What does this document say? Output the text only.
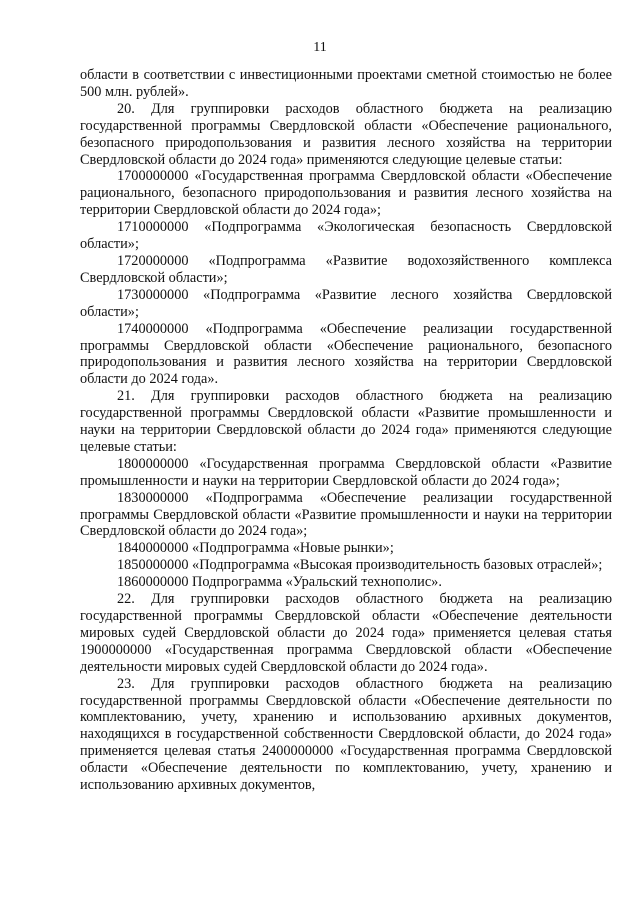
11

области в соответствии с инвестиционными проектами сметной стоимостью не более 500 млн. рублей».

20. Для группировки расходов областного бюджета на реализацию государственной программы Свердловской области «Обеспечение рационального, безопасного природопользования и развития лесного хозяйства на территории Свердловской области до 2024 года» применяются следующие целевые статьи:

1700000000 «Государственная программа Свердловской области «Обеспечение рационального, безопасного природопользования и развития лесного хозяйства на территории Свердловской области до 2024 года»;

1710000000 «Подпрограмма «Экологическая безопасность Свердловской области»;

1720000000 «Подпрограмма «Развитие водохозяйственного комплекса Свердловской области»;

1730000000 «Подпрограмма «Развитие лесного хозяйства Свердловской области»;

1740000000 «Подпрограмма «Обеспечение реализации государственной программы Свердловской области «Обеспечение рационального, безопасного природопользования и развития лесного хозяйства на территории Свердловской области до 2024 года».

21. Для группировки расходов областного бюджета на реализацию государственной программы Свердловской области «Развитие промышленности и науки на территории Свердловской области до 2024 года» применяются следующие целевые статьи:

1800000000 «Государственная программа Свердловской области «Развитие промышленности и науки на территории Свердловской области до 2024 года»;

1830000000 «Подпрограмма «Обеспечение реализации государственной программы Свердловской области «Развитие промышленности и науки на территории Свердловской области до 2024 года»;

1840000000 «Подпрограмма «Новые рынки»;

1850000000 «Подпрограмма «Высокая производительность базовых отраслей»;

1860000000 Подпрограмма «Уральский технополис».

22. Для группировки расходов областного бюджета на реализацию государственной программы Свердловской области «Обеспечение деятельности мировых судей Свердловской области до 2024 года» применяется целевая статья 1900000000 «Государственная программа Свердловской области «Обеспечение деятельности мировых судей Свердловской области до 2024 года».

23. Для группировки расходов областного бюджета на реализацию государственной программы Свердловской области «Обеспечение деятельности по комплектованию, учету, хранению и использованию архивных документов, находящихся в государственной собственности Свердловской области, до 2024 года» применяется целевая статья 2400000000 «Государственная программа Свердловской области «Обеспечение деятельности по комплектованию, учету, хранению и использованию архивных документов,
